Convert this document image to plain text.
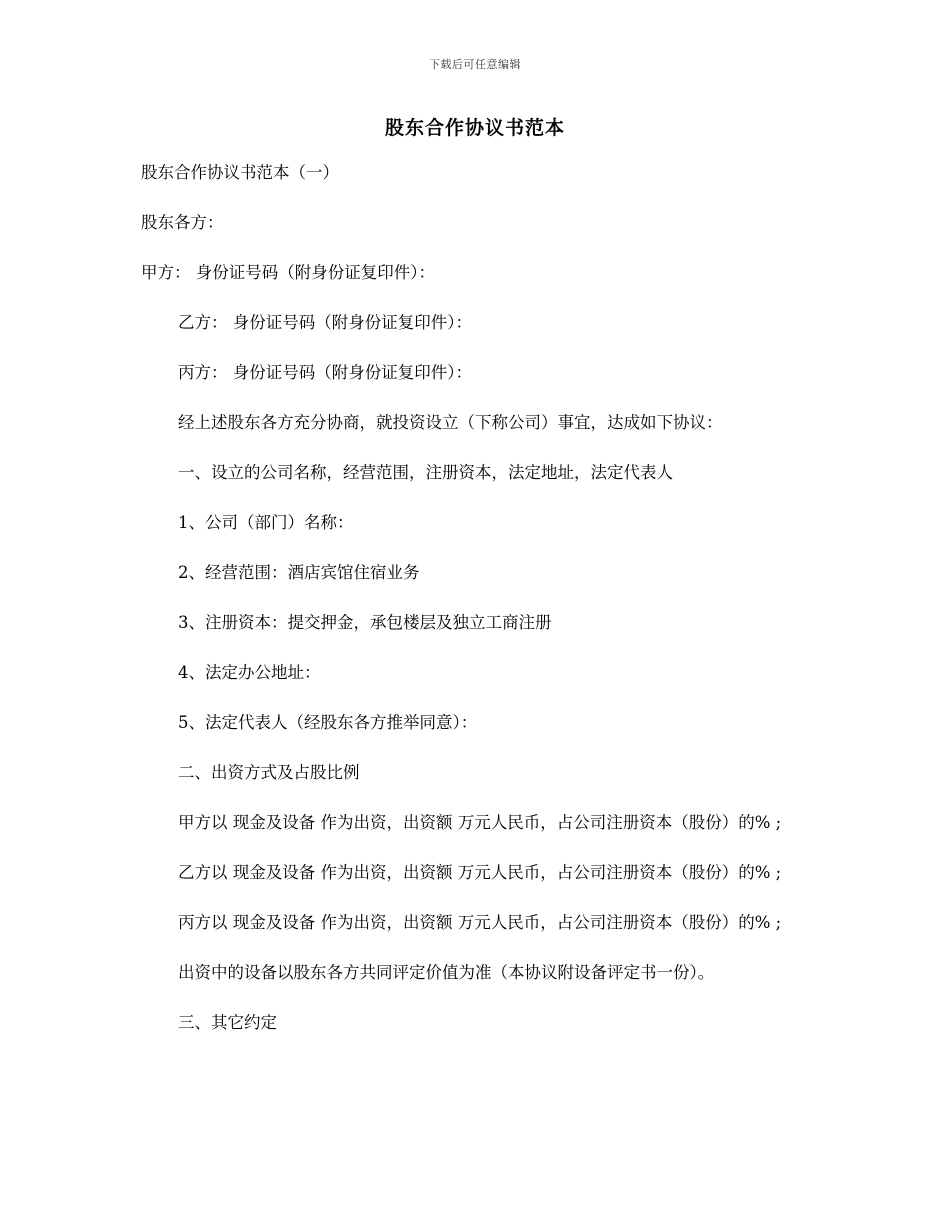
下载后可任意编辑
股东合作协议书范本

股东合作协议书范本（一）

股东各方：

甲方： 身份证号码（附身份证复印件）：

乙方： 身份证号码（附身份证复印件）：

丙方： 身份证号码（附身份证复印件）：

经上述股东各方充分协商，就投资设立（下称公司）事宜，达成如下协议：

一、设立的公司名称，经营范围，注册资本，法定地址，法定代表人

1、公司（部门）名称：

2、经营范围：酒店宾馆住宿业务

3、注册资本：提交押金，承包楼层及独立工商注册

4、法定办公地址：

5、法定代表人（经股东各方推举同意）：

二、出资方式及占股比例

甲方以 现金及设备 作为出资，出资额 万元人民币，占公司注册资本（股份）的% ;

乙方以 现金及设备 作为出资，出资额 万元人民币，占公司注册资本（股份）的% ;

丙方以 现金及设备 作为出资，出资额 万元人民币，占公司注册资本（股份）的% ;

出资中的设备以股东各方共同评定价值为准（本协议附设备评定书一份）。

三、其它约定
